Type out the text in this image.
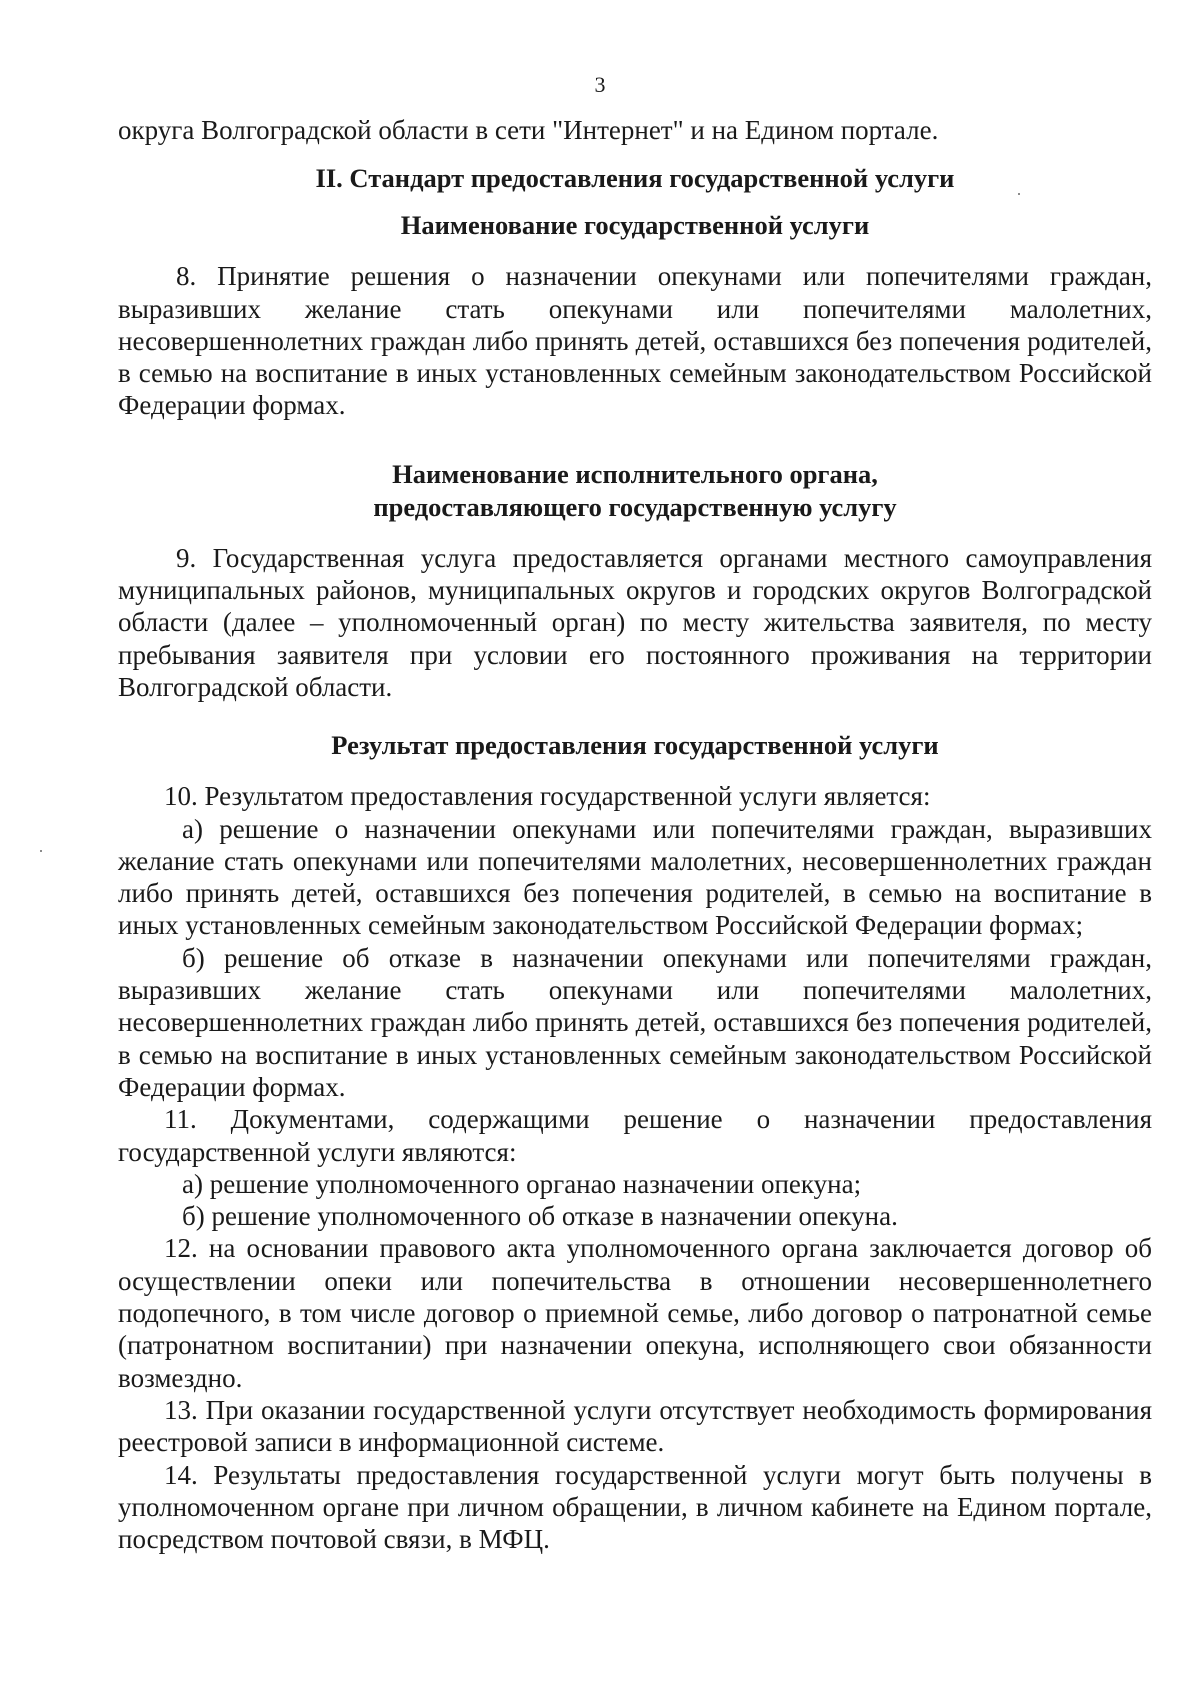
3

округа Волгоградской области в сети "Интернет" и на Едином портале.

II. Стандарт предоставления государственной услуги
Наименование государственной услуги

8. Принятие решения о назначении опекунами или попечителями граждан, выразивших желание стать опекунами или попечителями малолетних, несовершеннолетних граждан либо принять детей, оставшихся без попечения родителей, в семью на воспитание в иных установленных семейным законодательством Российской Федерации формах.

Наименование исполнительного органа,
предоставляющего государственную услугу

9. Государственная услуга предоставляется органами местного самоуправления муниципальных районов, муниципальных округов и городских округов Волгоградской области (далее – уполномоченный орган) по месту жительства заявителя, по месту пребывания заявителя при условии его постоянного проживания на территории Волгоградской области.

Результат предоставления государственной услуги

10. Результатом предоставления государственной услуги является:

а) решение о назначении опекунами или попечителями граждан, выразивших желание стать опекунами или попечителями малолетних, несовершеннолетних граждан либо принять детей, оставшихся без попечения родителей, в семью на воспитание в иных установленных семейным законодательством Российской Федерации формах;

б) решение об отказе в назначении опекунами или попечителями граждан, выразивших желание стать опекунами или попечителями малолетних, несовершеннолетних граждан либо принять детей, оставшихся без попечения родителей, в семью на воспитание в иных установленных семейным законодательством Российской Федерации формах.

11. Документами, содержащими решение о назначении предоставления государственной услуги являются:

а) решение уполномоченного органао назначении опекуна;

б) решение уполномоченного об отказе в назначении опекуна.

12. на основании правового акта уполномоченного органа заключается договор об осуществлении опеки или попечительства в отношении несовершеннолетнего подопечного, в том числе договор о приемной семье, либо договор о патронатной семье (патронатном воспитании) при назначении опекуна, исполняющего свои обязанности возмездно.

13. При оказании государственной услуги отсутствует необходимость формирования реестровой записи в информационной системе.

14. Результаты предоставления государственной услуги могут быть получены в уполномоченном органе при личном обращении, в личном кабинете на Едином портале, посредством почтовой связи, в МФЦ.
